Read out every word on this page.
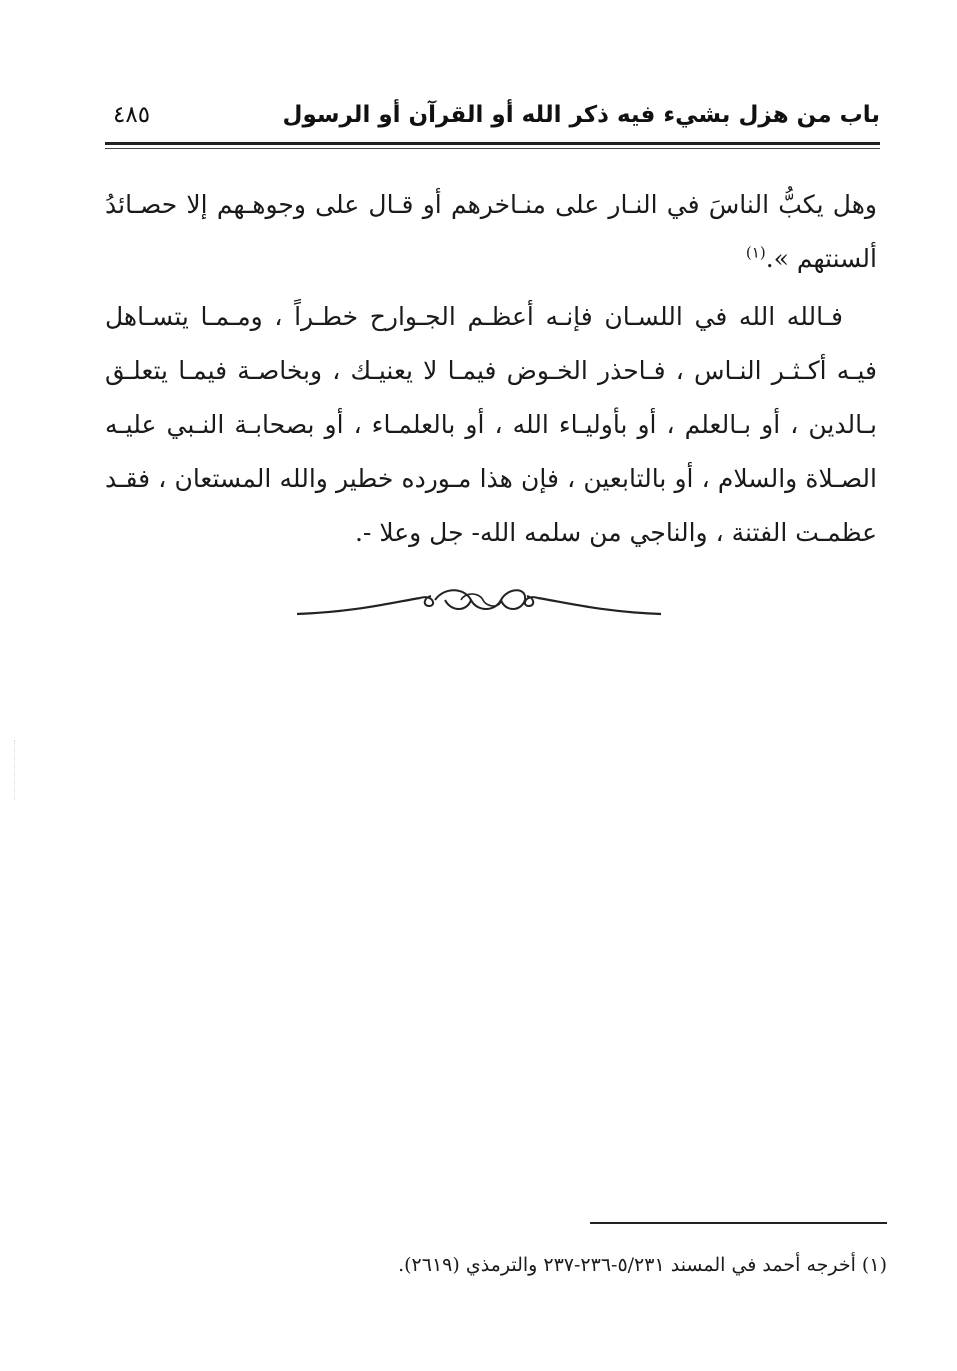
باب من هزل بشيء فيه ذكر الله أو القرآن أو الرسول
٤٨٥

وهل يكبُّ الناسَ في النـار على منـاخرهم أو قـال على وجوهـهم إلا حصـائدُ ألسنتهم ».$^{(١)}$

فـالله الله في اللسـان فإنـه أعظـم الجـوارح خطـراً ، ومـمـا يتسـاهل فيـه أكـثـر النـاس ، فـاحذر الخـوض فيمـا لا يعنيـك ، وبخاصـة فيمـا يتعلـق بـالدين ، أو بـالعلم ، أو بأوليـاء الله ، أو بالعلمـاء ، أو بصحابـة النـبي عليـه الصـلاة والسلام ، أو بالتابعين ، فإن هذا مـورده خطير والله المستعان ، فقـد عظمـت الفتنة ، والناجي من سلمه الله- جل وعلا -.

(١) أخرجه أحمد في المسند ٥/٢٣١-٢٣٦-٢٣٧ والترمذي (٢٦١٩).
